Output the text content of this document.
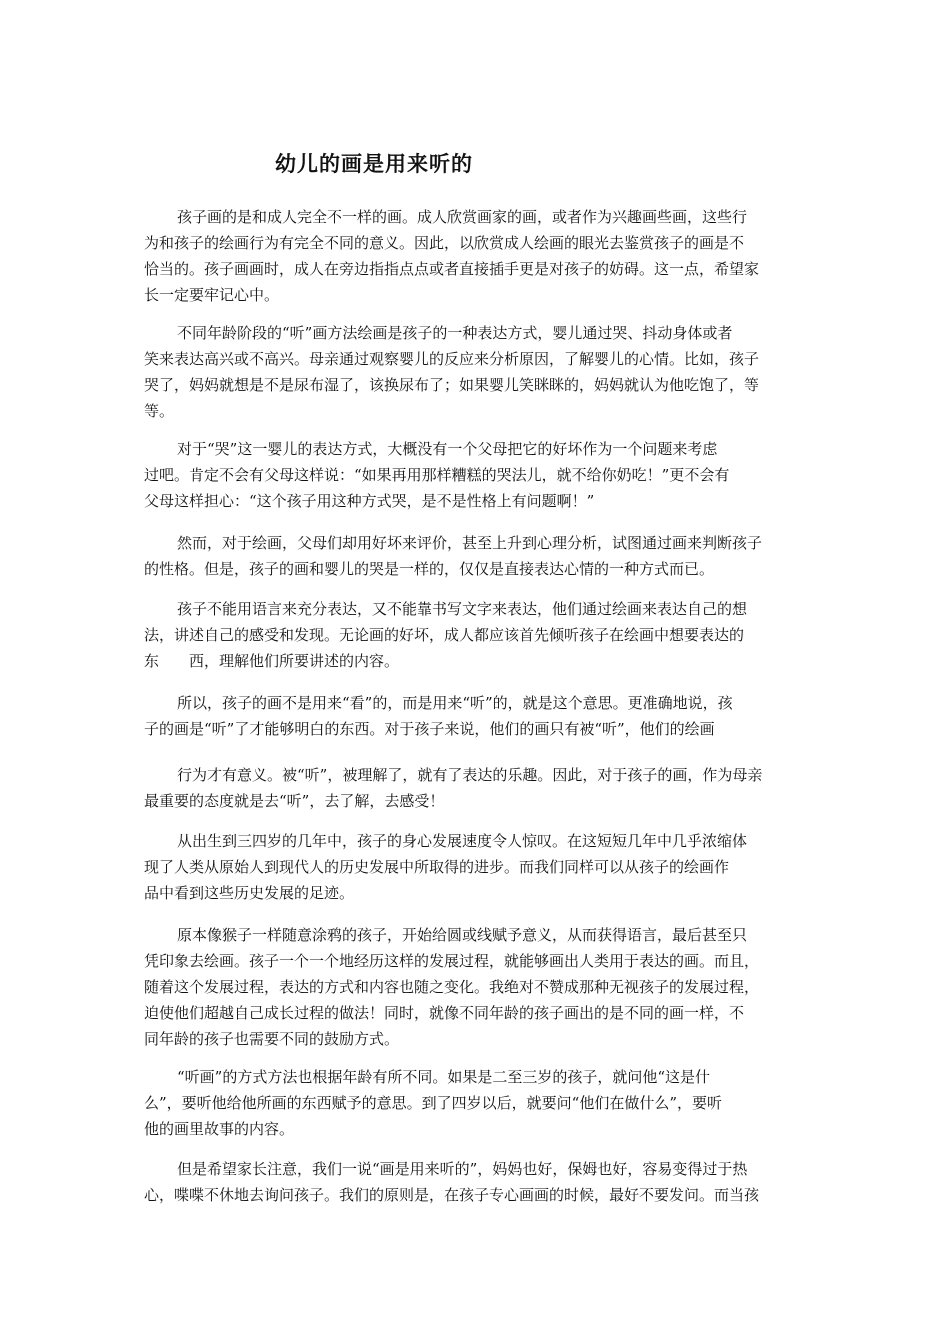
幼儿的画是用来听的
孩子画的是和成人完全不一样的画。成人欣赏画家的画，或者作为兴趣画些画，这些行
为和孩子的绘画行为有完全不同的意义。因此，以欣赏成人绘画的眼光去鉴赏孩子的画是不
恰当的。孩子画画时，成人在旁边指指点点或者直接插手更是对孩子的妨碍。这一点，希望家
长一定要牢记心中。
不同年龄阶段的“听”画方法绘画是孩子的一种表达方式，婴儿通过哭、抖动身体或者
笑来表达高兴或不高兴。母亲通过观察婴儿的反应来分析原因，了解婴儿的心情。比如，孩子
哭了，妈妈就想是不是尿布湿了，该换尿布了；如果婴儿笑眯眯的，妈妈就认为他吃饱了，等
等。
对于“哭”这一婴儿的表达方式，大概没有一个父母把它的好坏作为一个问题来考虑
过吧。肯定不会有父母这样说：“如果再用那样糟糕的哭法儿，就不给你奶吃！”更不会有
父母这样担心：“这个孩子用这种方式哭，是不是性格上有问题啊！”
然而，对于绘画，父母们却用好坏来评价，甚至上升到心理分析，试图通过画来判断孩子
的性格。但是，孩子的画和婴儿的哭是一样的，仅仅是直接表达心情的一种方式而已。
孩子不能用语言来充分表达，又不能靠书写文字来表达，他们通过绘画来表达自己的想
法，讲述自己的感受和发现。无论画的好坏，成人都应该首先倾听孩子在绘画中想要表达的
东　　西，理解他们所要讲述的内容。
所以，孩子的画不是用来“看”的，而是用来“听”的，就是这个意思。更准确地说，孩
子的画是“听”了才能够明白的东西。对于孩子来说，他们的画只有被“听”，他们的绘画
行为才有意义。被“听”，被理解了，就有了表达的乐趣。因此，对于孩子的画，作为母亲
最重要的态度就是去“听”，去了解，去感受！
从出生到三四岁的几年中，孩子的身心发展速度令人惊叹。在这短短几年中几乎浓缩体
现了人类从原始人到现代人的历史发展中所取得的进步。而我们同样可以从孩子的绘画作
品中看到这些历史发展的足迹。
原本像猴子一样随意涂鸦的孩子，开始给圆或线赋予意义，从而获得语言，最后甚至只
凭印象去绘画。孩子一个一个地经历这样的发展过程，就能够画出人类用于表达的画。而且，
随着这个发展过程，表达的方式和内容也随之变化。我绝对不赞成那种无视孩子的发展过程，
迫使他们超越自己成长过程的做法！同时，就像不同年龄的孩子画出的是不同的画一样，不
同年龄的孩子也需要不同的鼓励方式。
“听画”的方式方法也根据年龄有所不同。如果是二至三岁的孩子，就问他“这是什
么”，要听他给他所画的东西赋予的意思。到了四岁以后，就要问“他们在做什么”，要听
他的画里故事的内容。
但是希望家长注意，我们一说“画是用来听的”，妈妈也好，保姆也好，容易变得过于热
心，喋喋不休地去询问孩子。我们的原则是，在孩子专心画画的时候，最好不要发问。而当孩
